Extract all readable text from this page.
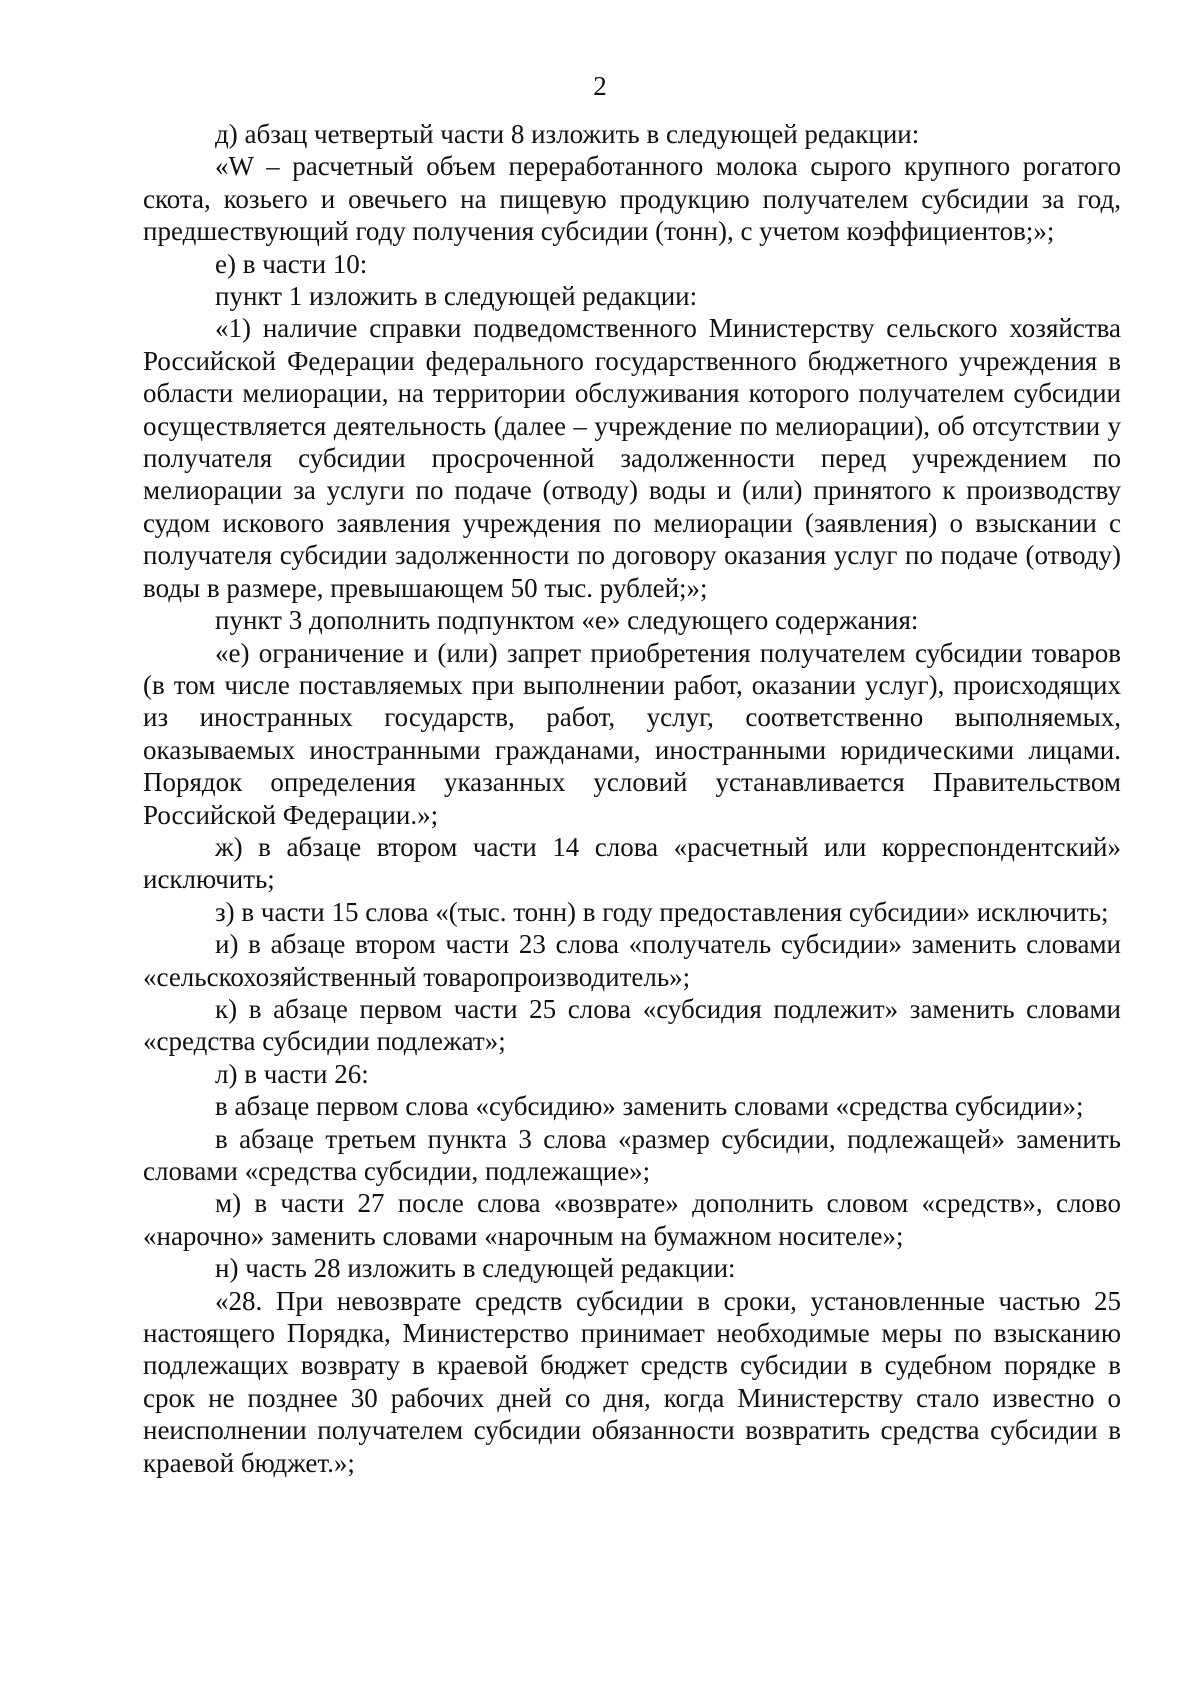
2

д) абзац четвертый части 8 изложить в следующей редакции:

«W – расчетный объем переработанного молока сырого крупного рогатого скота, козьего и овечьего на пищевую продукцию получателем субсидии за год, предшествующий году получения субсидии (тонн), с учетом коэффициентов;»;

е) в части 10:

пункт 1 изложить в следующей редакции:

«1) наличие справки подведомственного Министерству сельского хозяйства Российской Федерации федерального государственного бюджетного учреждения в области мелиорации, на территории обслуживания которого получателем субсидии осуществляется деятельность (далее – учреждение по мелиорации), об отсутствии у получателя субсидии просроченной задолженности перед учреждением по мелиорации за услуги по подаче (отводу) воды и (или) принятого к производству судом искового заявления учреждения по мелиорации (заявления) о взыскании с получателя субсидии задолженности по договору оказания услуг по подаче (отводу) воды в размере, превышающем 50 тыс. рублей;»;

пункт 3 дополнить подпунктом «е» следующего содержания:

«е) ограничение и (или) запрет приобретения получателем субсидии товаров (в том числе поставляемых при выполнении работ, оказании услуг), происходящих из иностранных государств, работ, услуг, соответственно выполняемых, оказываемых иностранными гражданами, иностранными юридическими лицами. Порядок определения указанных условий устанавливается Правительством Российской Федерации.»;

ж) в абзаце втором части 14 слова «расчетный или корреспондентский» исключить;

з) в части 15 слова «(тыс. тонн) в году предоставления субсидии» исключить;

и) в абзаце втором части 23 слова «получатель субсидии» заменить словами «сельскохозяйственный товаропроизводитель»;

к) в абзаце первом части 25 слова «субсидия подлежит» заменить словами «средства субсидии подлежат»;

л) в части 26:

в абзаце первом слова «субсидию» заменить словами «средства субсидии»;

в абзаце третьем пункта 3 слова «размер субсидии, подлежащей» заменить словами «средства субсидии, подлежащие»;

м) в части 27 после слова «возврате» дополнить словом «средств», слово «нарочно» заменить словами «нарочным на бумажном носителе»;

н) часть 28 изложить в следующей редакции:

«28. При невозврате средств субсидии в сроки, установленные частью 25 настоящего Порядка, Министерство принимает необходимые меры по взысканию подлежащих возврату в краевой бюджет средств субсидии в судебном порядке в срок не позднее 30 рабочих дней со дня, когда Министерству стало известно о неисполнении получателем субсидии обязанности возвратить средства субсидии в краевой бюджет.»;
